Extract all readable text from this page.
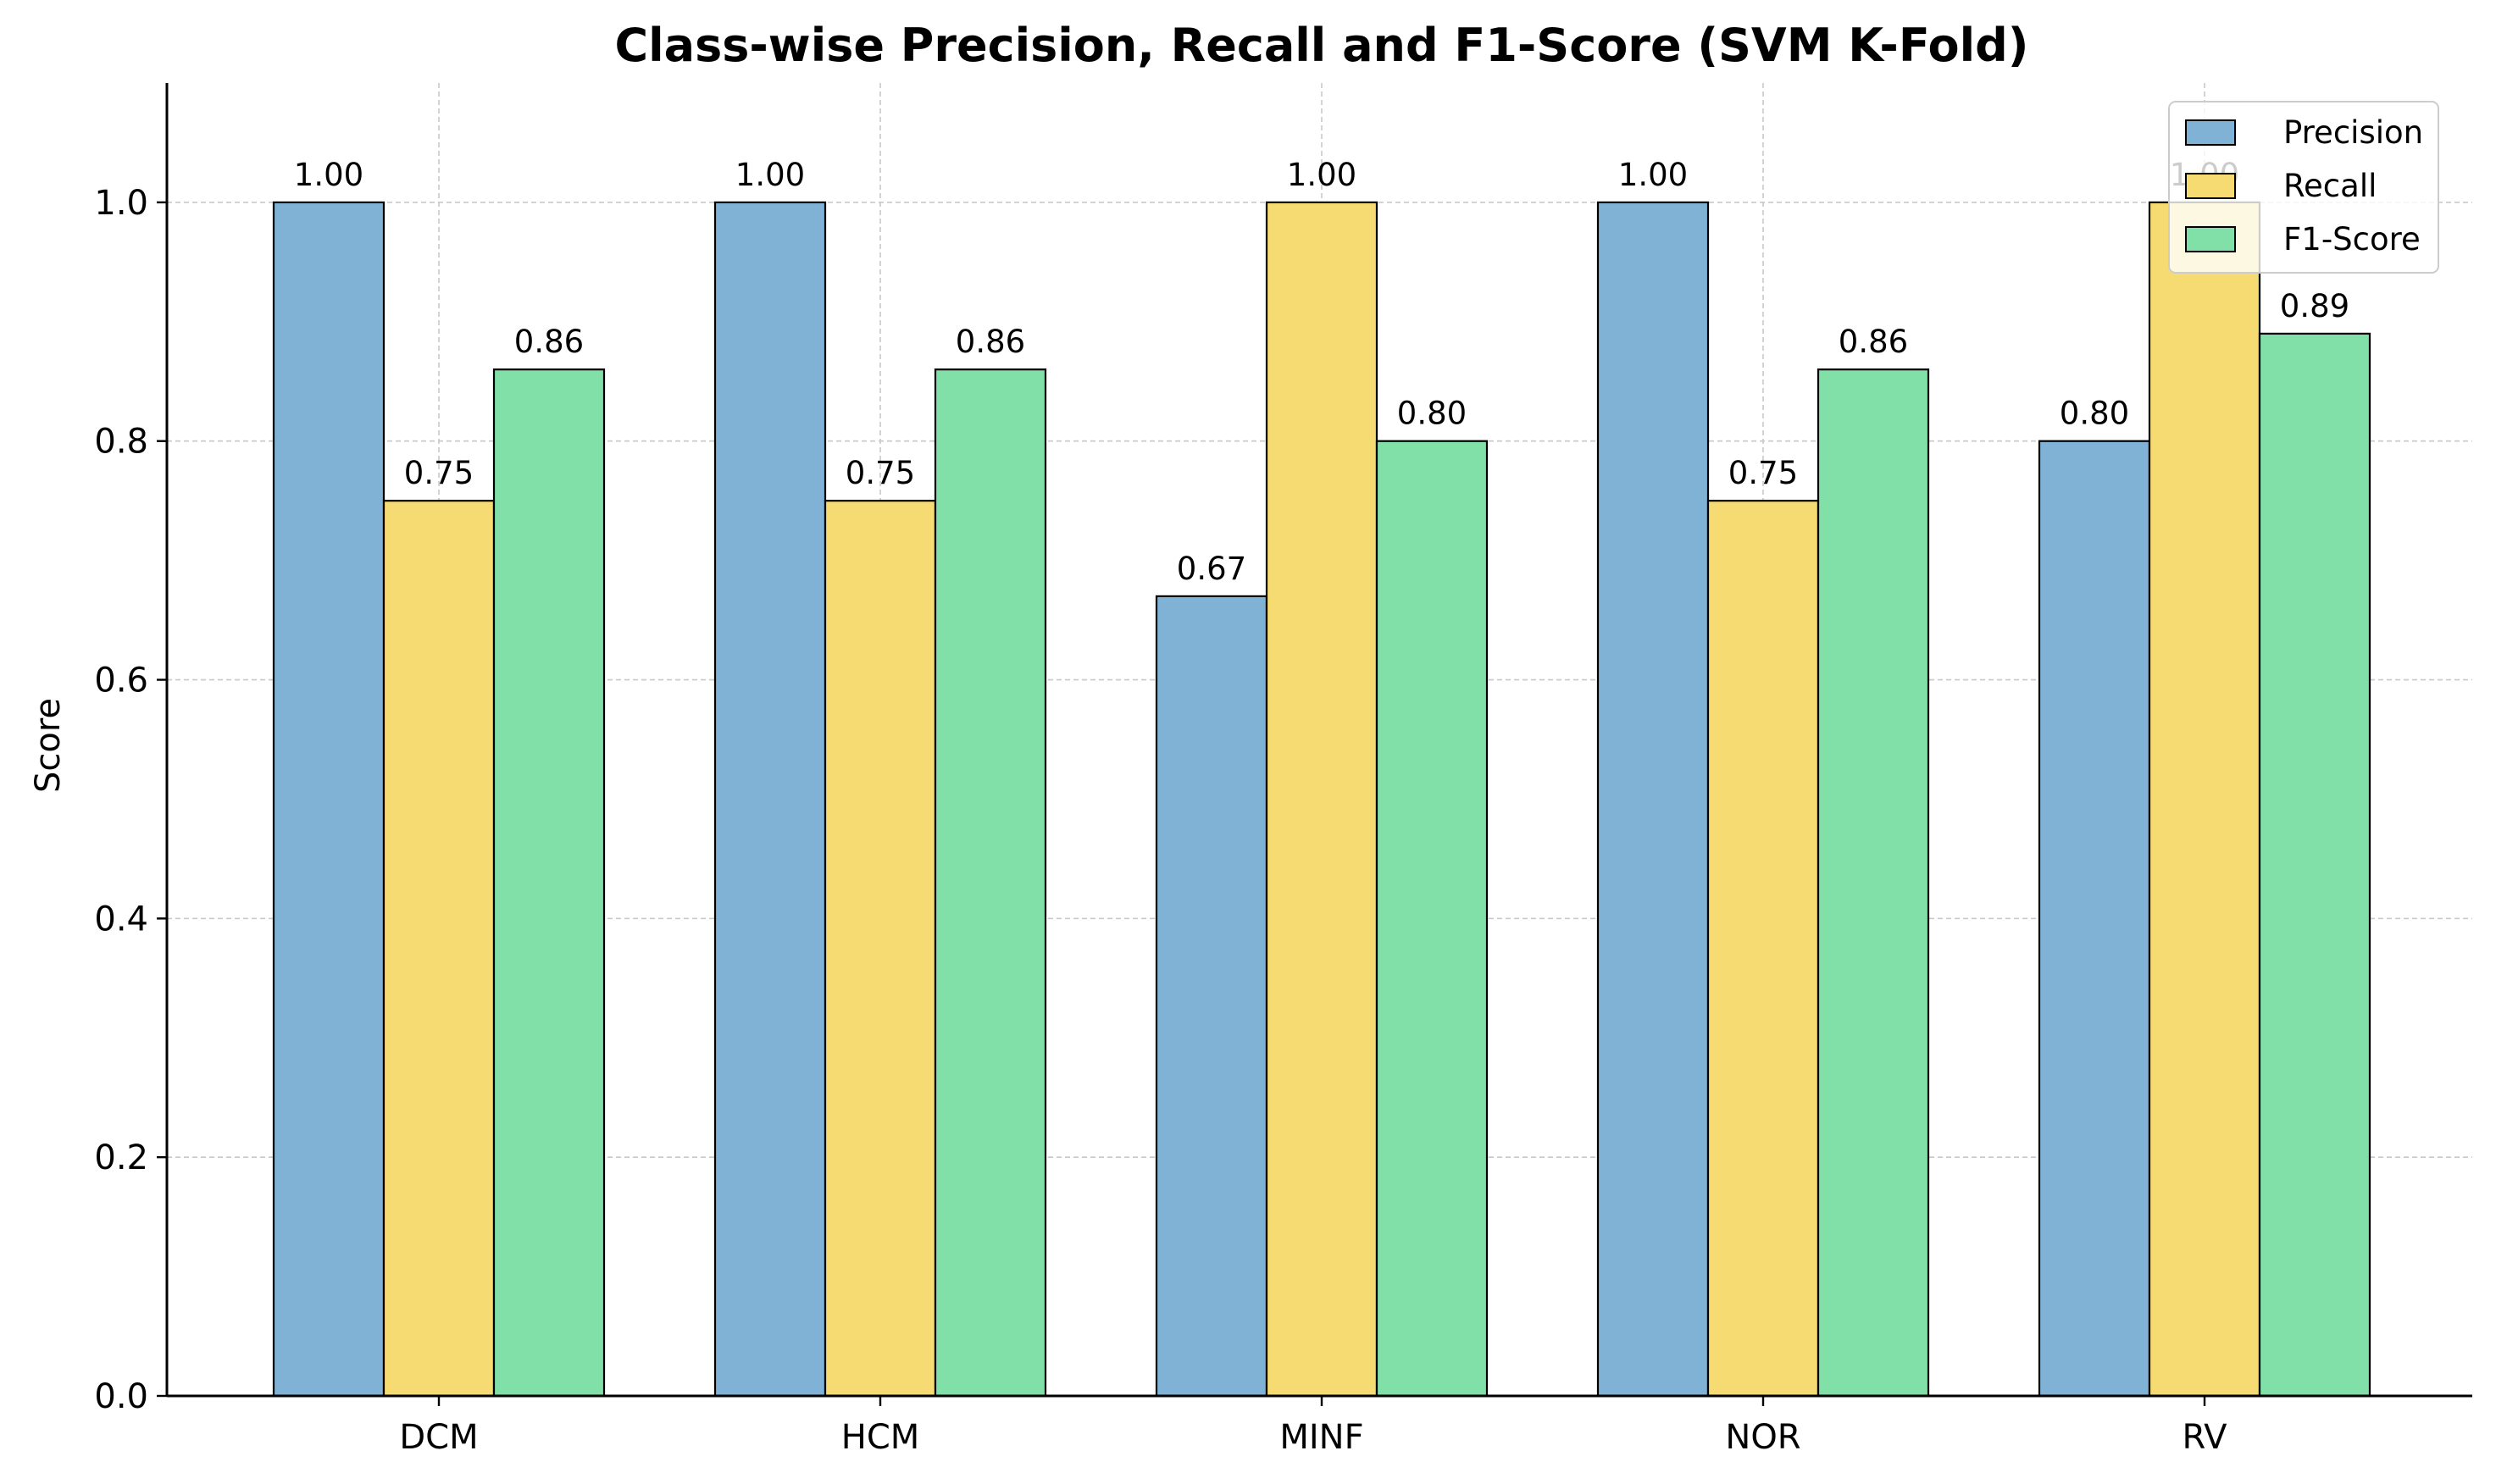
Class-wise Precision, Recall and F1-Score (SVM K-Fold)
Score
0.0
0.2
0.4
0.6
0.8
1.0
DCM	HCM	MINF	NOR	RV
1.00
0.75
0.86
1.00
0.75
0.86
0.67
1.00
0.80
1.00
0.75
0.86
0.80
0.89
Precision
Recall
F1-Score
